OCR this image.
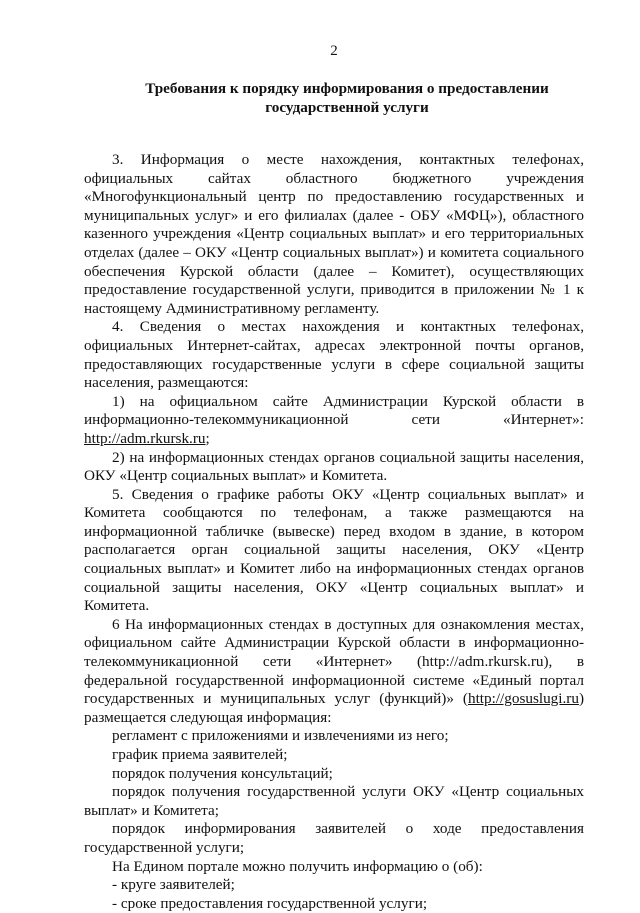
2
Требования к порядку информирования о предоставлении
государственной услуги

3. Информация о месте нахождения, контактных телефонах, официальных сайтах областного бюджетного учреждения «Многофункциональный центр по предоставлению государственных и муниципальных услуг» и его филиалах (далее - ОБУ «МФЦ»), областного казенного учреждения «Центр социальных выплат» и его территориальных отделах (далее – ОКУ «Центр социальных выплат») и комитета социального обеспечения Курской области (далее – Комитет), осуществляющих предоставление государственной услуги, приводится в приложении № 1 к настоящему Административному регламенту.

4. Сведения о местах нахождения и контактных телефонах, официальных Интернет-сайтах, адресах электронной почты органов, предоставляющих государственные услуги в сфере социальной защиты населения, размещаются:

1) на официальном сайте Администрации Курской области в информационно-телекоммуникационной сети «Интернет»: http://adm.rkursk.ru;

2) на информационных стендах органов социальной защиты населения, ОКУ «Центр социальных выплат» и Комитета.

5. Сведения о графике работы ОКУ «Центр социальных выплат» и Комитета сообщаются по телефонам, а также размещаются на информационной табличке (вывеске) перед входом в здание, в котором располагается орган социальной защиты населения, ОКУ «Центр социальных выплат» и Комитет либо на информационных стендах органов социальной защиты населения, ОКУ «Центр социальных выплат» и Комитета.

6 На информационных стендах в доступных для ознакомления местах, официальном сайте Администрации Курской области в информационно-телекоммуникационной сети «Интернет» (http://adm.rkursk.ru), в федеральной государственной информационной системе «Единый портал государственных и муниципальных услуг (функций)» (http://gosuslugi.ru) размещается следующая информация:

регламент с приложениями и извлечениями из него;

график приема заявителей;

порядок получения консультаций;

порядок получения государственной услуги ОКУ «Центр социальных выплат» и Комитета;

порядок информирования заявителей о ходе предоставления государственной услуги;

На Едином портале можно получить информацию о (об):

- круге заявителей;

- сроке предоставления государственной услуги;
